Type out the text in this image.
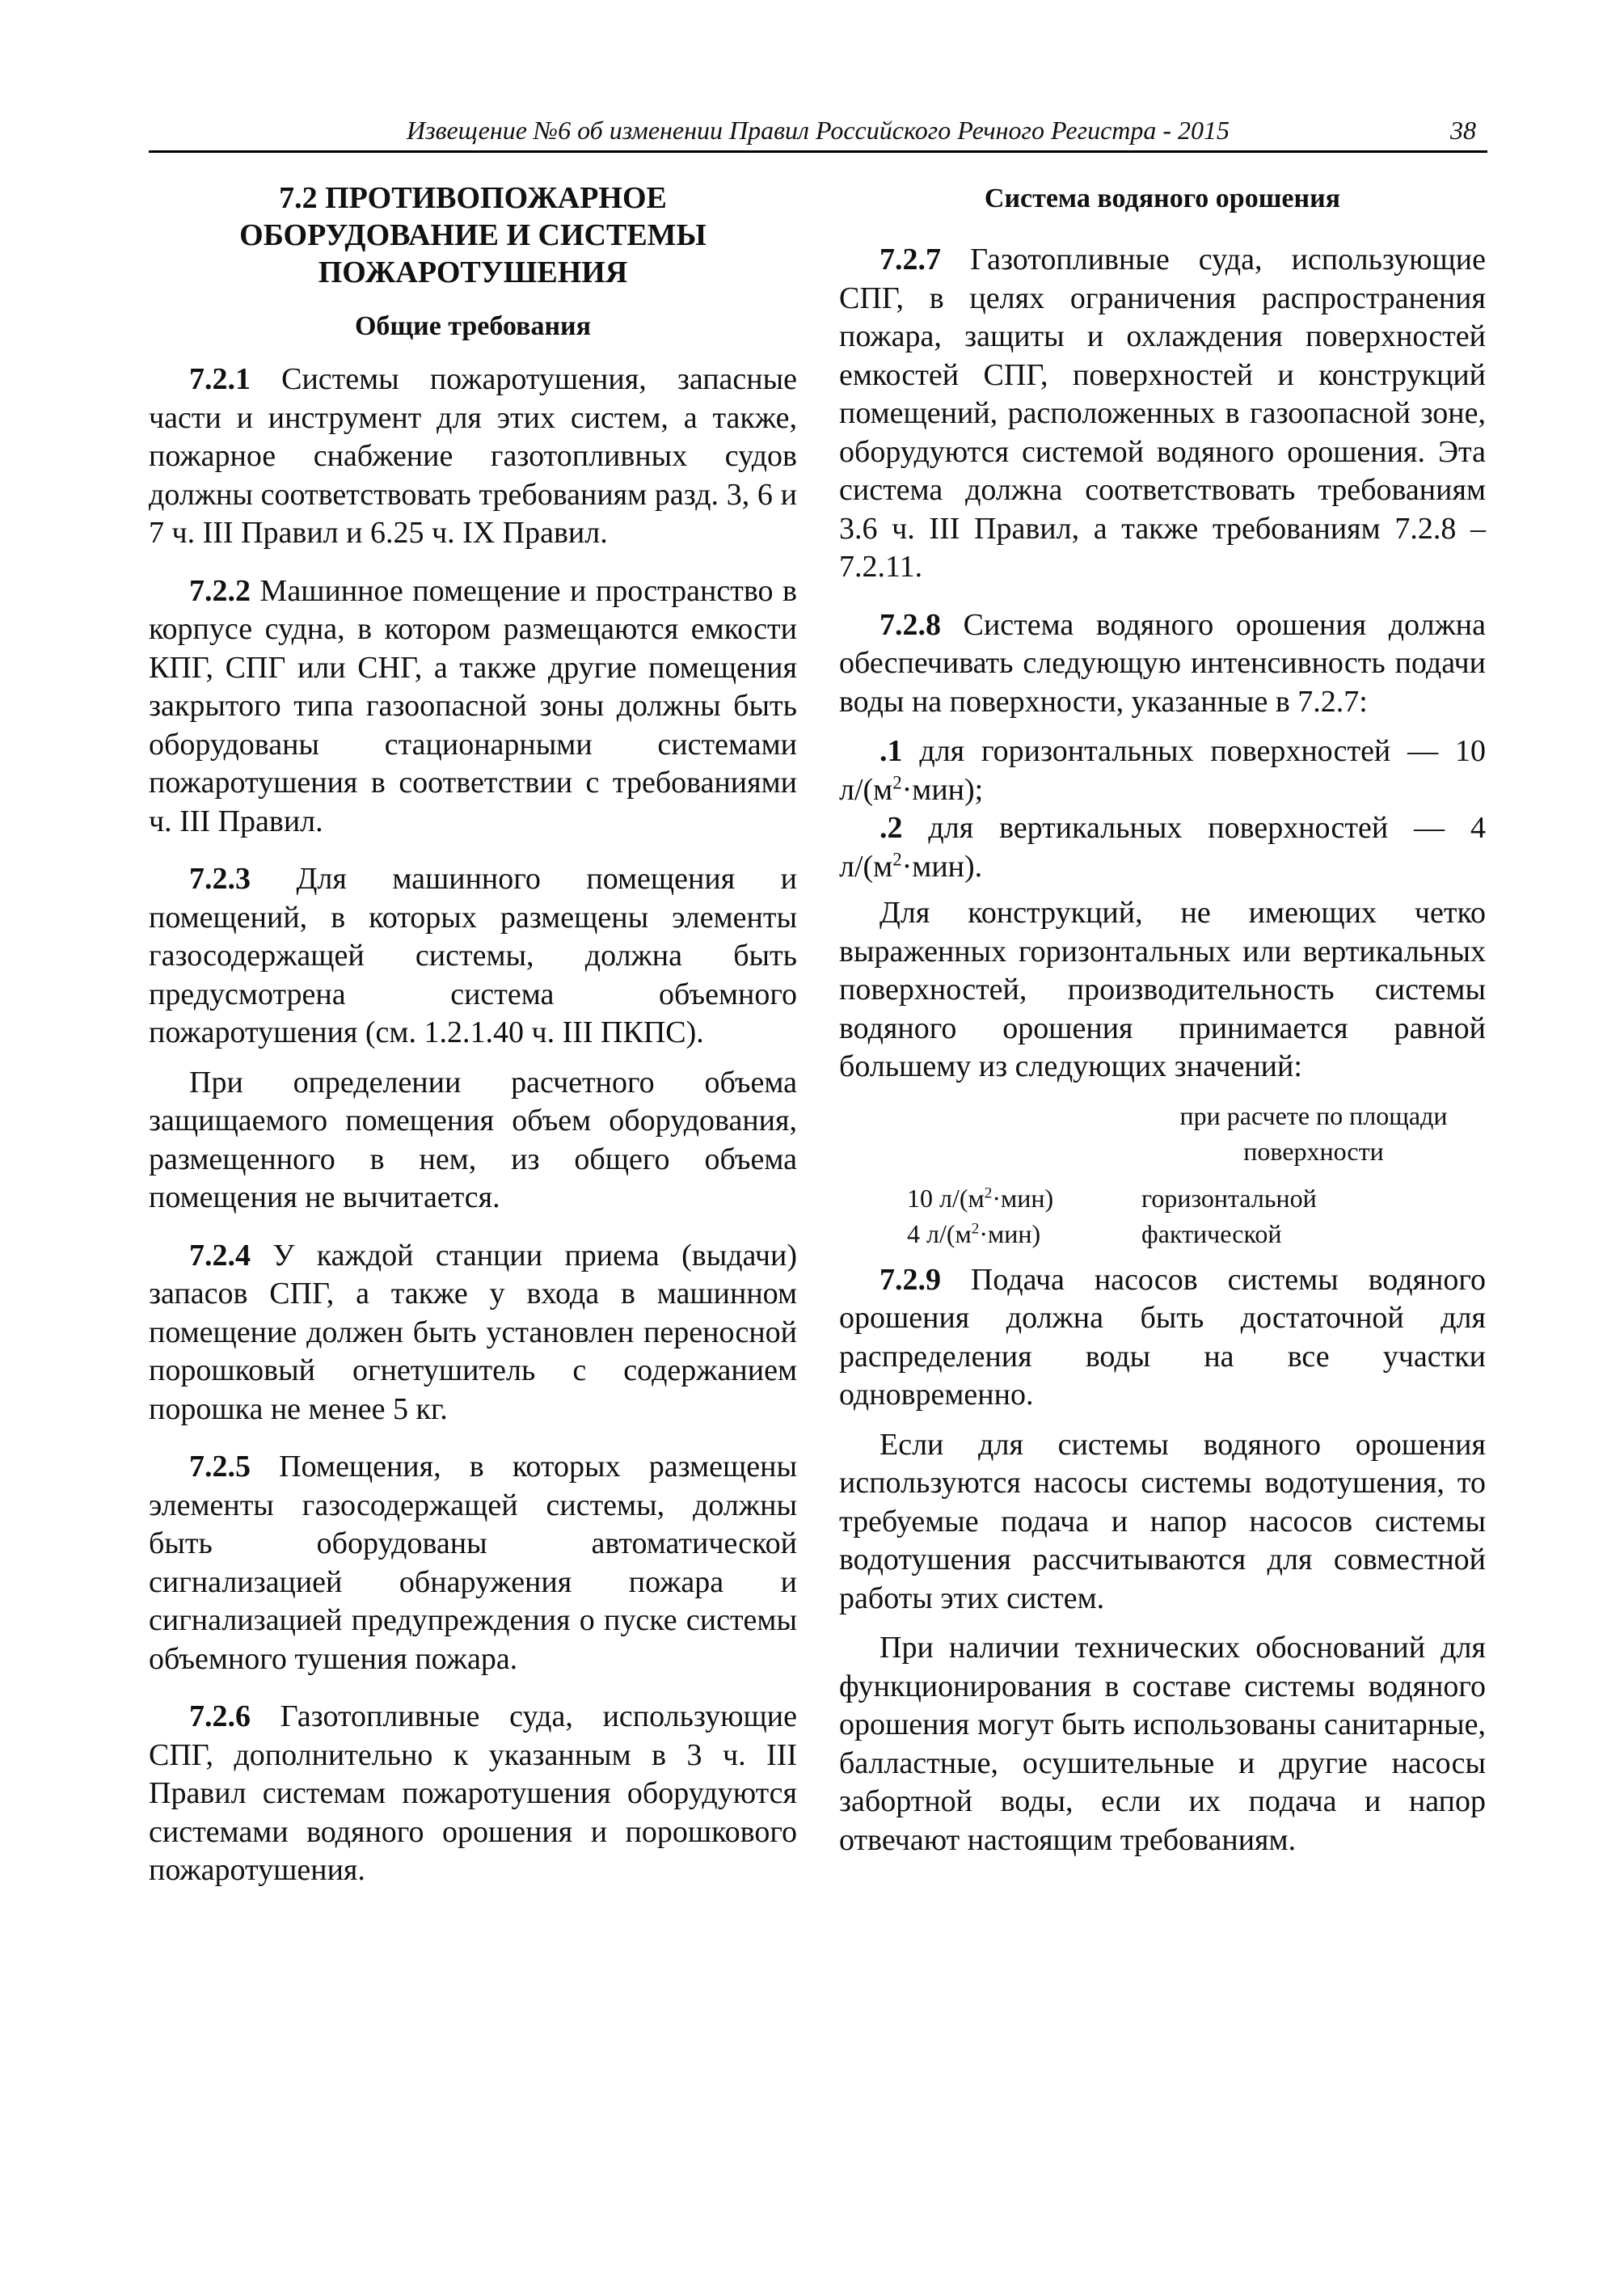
Извещение №6 об изменении Правил Российского Речного Регистра - 2015	38
7.2 ПРОТИВОПОЖАРНОЕ ОБОРУДОВАНИЕ И СИСТЕМЫ ПОЖАРОТУШЕНИЯ
Общие требования

7.2.1 Системы пожаротушения, запасные части и инструмент для этих систем, а также, пожарное снабжение газотопливных судов должны соответствовать требованиям разд. 3, 6 и 7 ч. III Правил и 6.25 ч. IX Правил.

7.2.2 Машинное помещение и пространство в корпусе судна, в котором размещаются емкости КПГ, СПГ или СНГ, а также другие помещения закрытого типа газоопасной зоны должны быть оборудованы стационарными системами пожаротушения в соответствии с требованиями ч. III Правил.

7.2.3 Для машинного помещения и помещений, в которых размещены элементы газосодержащей системы, должна быть предусмотрена система объемного пожаротушения (см. 1.2.1.40 ч. III ПКПС).

При определении расчетного объема защищаемого помещения объем оборудования, размещенного в нем, из общего объема помещения не вычитается.

7.2.4 У каждой станции приема (выдачи) запасов СПГ, а также у входа в машинном помещение должен быть установлен переносной порошковый огнетушитель с содержанием порошка не менее 5 кг.

7.2.5 Помещения, в которых размещены элементы газосодержащей системы, должны быть оборудованы автоматической сигнализацией обнаружения пожара и сигнализацией предупреждения о пуске системы объемного тушения пожара.

7.2.6 Газотопливные суда, использующие СПГ, дополнительно к указанным в 3 ч. III Правил системам пожаротушения оборудуются системами водяного орошения и порошкового пожаротушения.

Система водяного орошения

7.2.7 Газотопливные суда, использующие СПГ, в целях ограничения распространения пожара, защиты и охлаждения поверхностей емкостей СПГ, поверхностей и конструкций помещений, расположенных в газоопасной зоне, оборудуются системой водяного орошения. Эта система должна соответствовать требованиям 3.6 ч. III Правил, а также требованиям 7.2.8 – 7.2.11.

7.2.8 Система водяного орошения должна обеспечивать следующую интенсивность подачи воды на поверхности, указанные в 7.2.7:

.1 для горизонтальных поверхностей — 10 $л/(м^2\cdot мин)$;

.2 для вертикальных поверхностей — 4 $л/(м^2\cdot мин)$.

Для конструкций, не имеющих четко выраженных горизонтальных или вертикальных поверхностей, производительность системы водяного орошения принимается равной большему из следующих значений:

при расчете по площади поверхности
10 $л/(м^2\cdot мин)$	горизонтальной
4 $л/(м^2\cdot мин)$	фактической

7.2.9 Подача насосов системы водяного орошения должна быть достаточной для распределения воды на все участки одновременно.

Если для системы водяного орошения используются насосы системы водотушения, то требуемые подача и напор насосов системы водотушения рассчитываются для совместной работы этих систем.

При наличии технических обоснований для функционирования в составе системы водяного орошения могут быть использованы санитарные, балластные, осушительные и другие насосы забортной воды, если их подача и напор отвечают настоящим требованиям.
